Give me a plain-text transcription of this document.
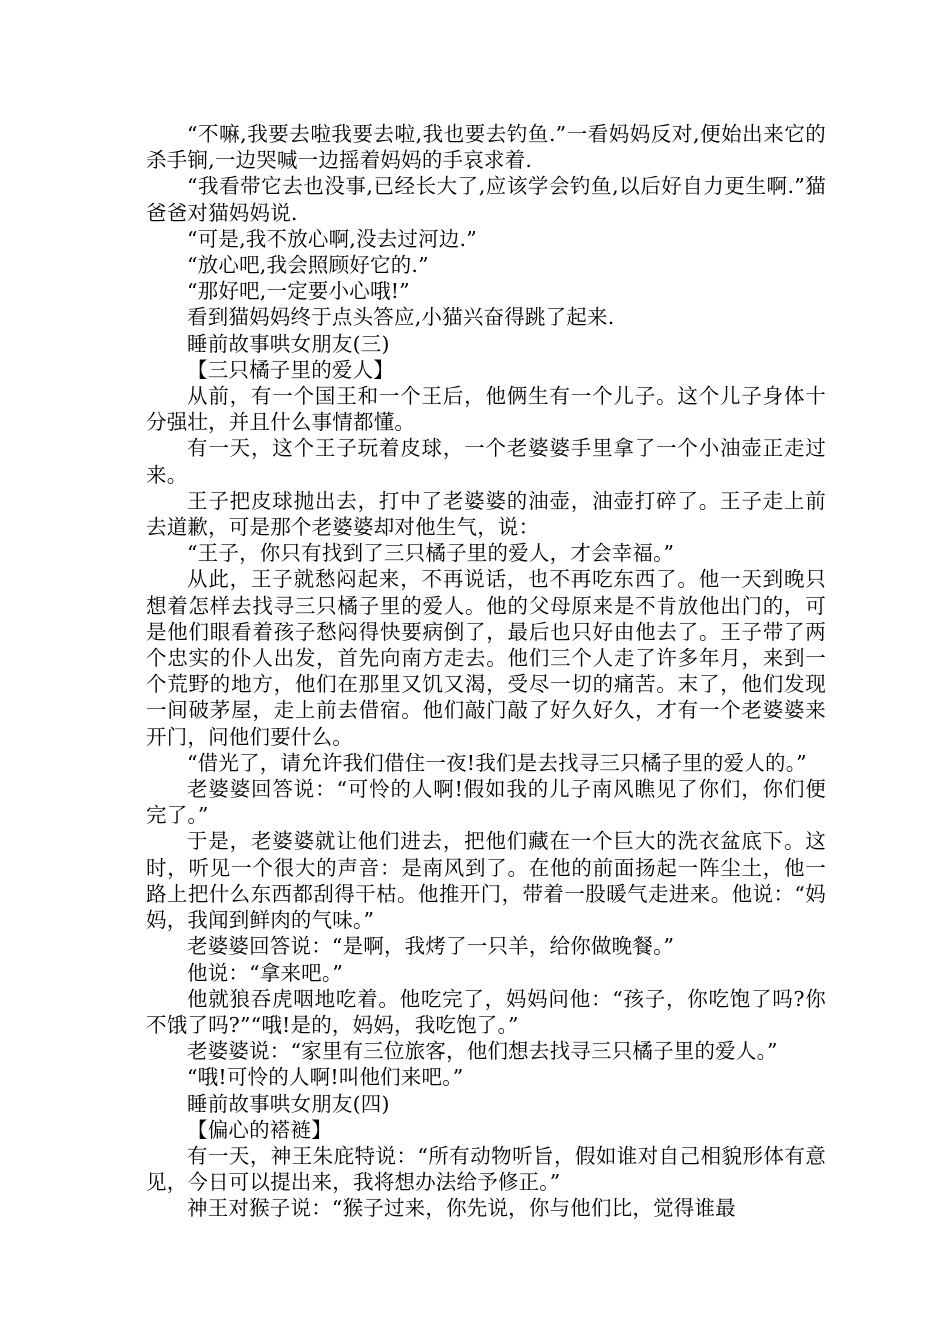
“不嘛,我要去啦我要去啦,我也要去钓鱼.”一看妈妈反对,便始出来它的杀手锏,一边哭喊一边摇着妈妈的手哀求着.

“我看带它去也没事,已经长大了,应该学会钓鱼,以后好自力更生啊.”猫爸爸对猫妈妈说.

“可是,我不放心啊,没去过河边.”

“放心吧,我会照顾好它的.”

“那好吧,一定要小心哦!”

看到猫妈妈终于点头答应,小猫兴奋得跳了起来.

睡前故事哄女朋友(三)

【三只橘子里的爱人】

从前，有一个国王和一个王后，他俩生有一个儿子。这个儿子身体十分强壮，并且什么事情都懂。

有一天，这个王子玩着皮球，一个老婆婆手里拿了一个小油壶正走过来。

王子把皮球抛出去，打中了老婆婆的油壶，油壶打碎了。王子走上前去道歉，可是那个老婆婆却对他生气，说：

“王子，你只有找到了三只橘子里的爱人，才会幸福。”

从此，王子就愁闷起来，不再说话，也不再吃东西了。他一天到晚只想着怎样去找寻三只橘子里的爱人。他的父母原来是不肯放他出门的，可是他们眼看着孩子愁闷得快要病倒了，最后也只好由他去了。王子带了两个忠实的仆人出发，首先向南方走去。他们三个人走了许多年月，来到一个荒野的地方，他们在那里又饥又渴，受尽一切的痛苦。末了，他们发现一间破茅屋，走上前去借宿。他们敲门敲了好久好久，才有一个老婆婆来开门，问他们要什么。

“借光了，请允许我们借住一夜!我们是去找寻三只橘子里的爱人的。”

老婆婆回答说：“可怜的人啊!假如我的儿子南风瞧见了你们，你们便完了。”

于是，老婆婆就让他们进去，把他们藏在一个巨大的洗衣盆底下。这时，听见一个很大的声音：是南风到了。在他的前面扬起一阵尘土，他一路上把什么东西都刮得干枯。他推开门，带着一股暖气走进来。他说：“妈妈，我闻到鲜肉的气味。”

老婆婆回答说：“是啊，我烤了一只羊，给你做晚餐。”

他说：“拿来吧。”

他就狼吞虎咽地吃着。他吃完了，妈妈问他：“孩子，你吃饱了吗?你不饿了吗?”“哦!是的，妈妈，我吃饱了。”

老婆婆说：“家里有三位旅客，他们想去找寻三只橘子里的爱人。”

“哦!可怜的人啊!叫他们来吧。”

睡前故事哄女朋友(四)

【偏心的褡裢】

有一天，神王朱庇特说：“所有动物听旨，假如谁对自己相貌形体有意见，今日可以提出来，我将想办法给予修正。”

神王对猴子说：“猴子过来，你先说，你与他们比，觉得谁最
